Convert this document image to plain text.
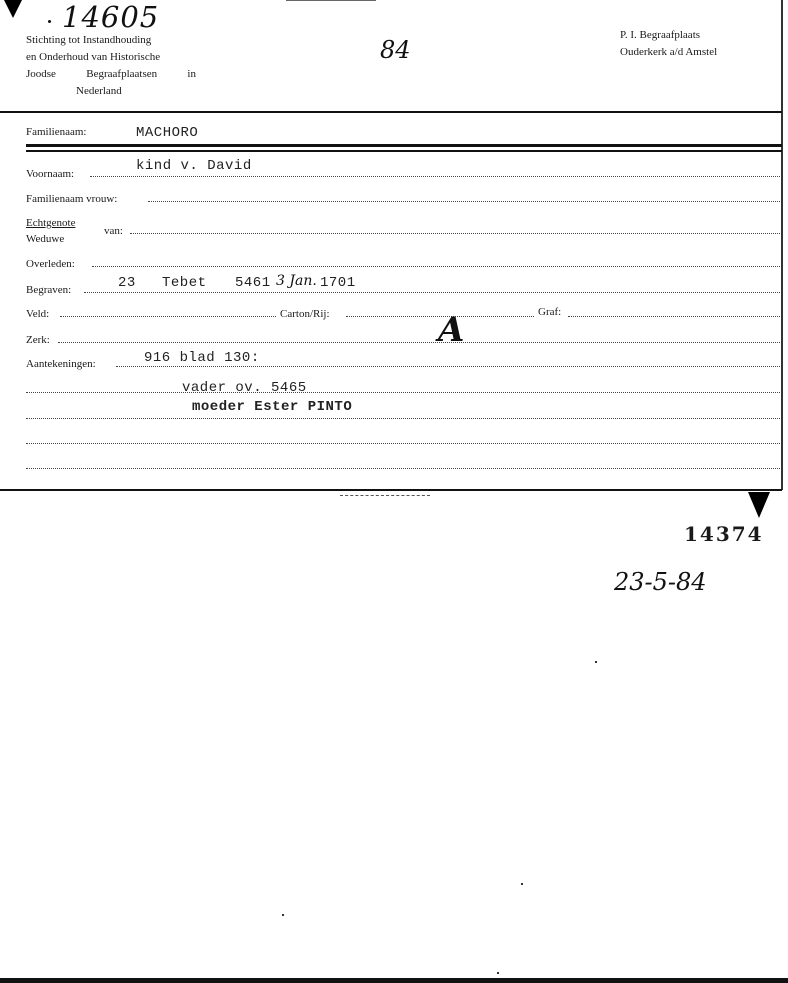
14605
84
Stichting tot Instandhouding
en Onderhoud van Historische
Joodse Begraafplaatsen in
Nederland
P. I. Begraafplaats
Ouderkerk a/d Amstel
Familienaam:	MACHORO
Voornaam:	kind v. David
Familienaam vrouw:
Echtgenote
Weduwe
van:
Overleden:
Begraven:	23 Tebet 5461 3 Jan. 1701
Veld:	Carton/Rij:	Graf:
Zerk:	A
Aantekeningen:	916 blad 130:
vader ov. 5465
moeder Ester PINTO
14374
23-5-84
